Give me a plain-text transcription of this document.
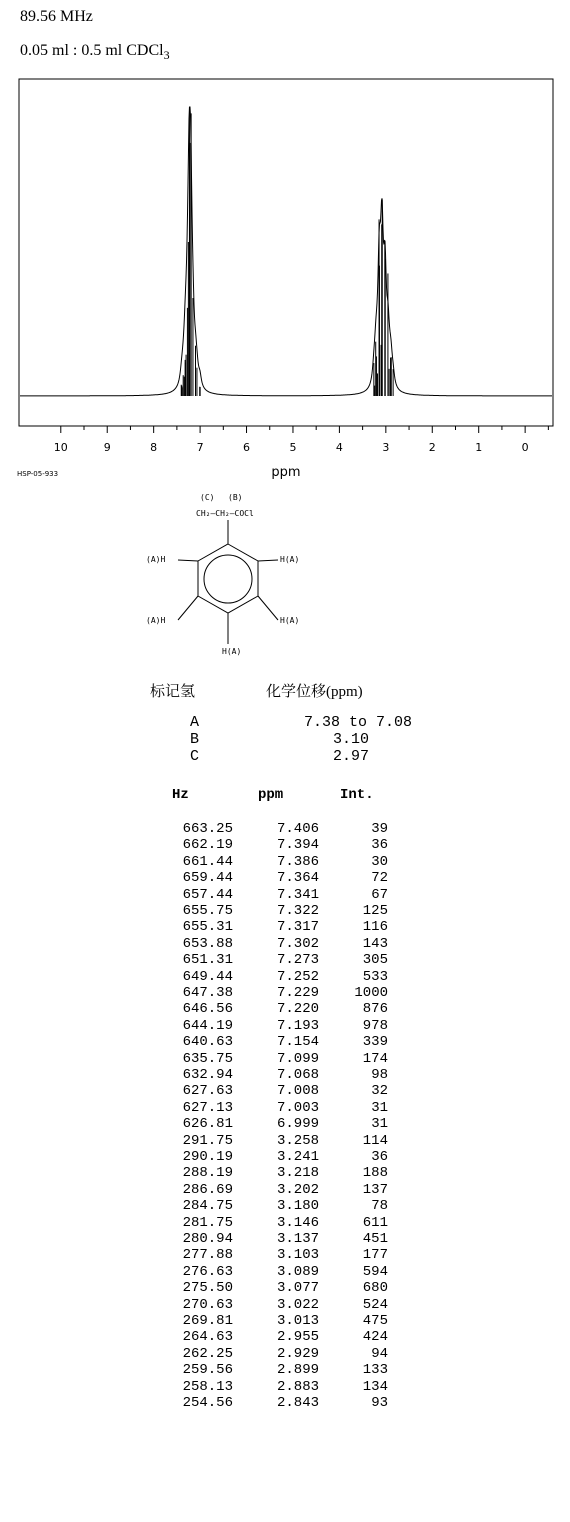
89.56 MHz
0.05 ml : 0.5 ml CDCl$_3$
10	9	8	7	6	5	4	3	2	1	0
ppm
HSP-05-933
(C) (B)
CH₂—CH₂—COCl
(A)H	H(A)
(A)H	H(A)
H(A)
标记氢	化学位移(ppm)
A	7.38 to 7.08
B	3.10
C	2.97
Hz	ppm	Int.
663.25	7.406	39
662.19	7.394	36
661.44	7.386	30
659.44	7.364	72
657.44	7.341	67
655.75	7.322	125
655.31	7.317	116
653.88	7.302	143
651.31	7.273	305
649.44	7.252	533
647.38	7.229	1000
646.56	7.220	876
644.19	7.193	978
640.63	7.154	339
635.75	7.099	174
632.94	7.068	98
627.63	7.008	32
627.13	7.003	31
626.81	6.999	31
291.75	3.258	114
290.19	3.241	36
288.19	3.218	188
286.69	3.202	137
284.75	3.180	78
281.75	3.146	611
280.94	3.137	451
277.88	3.103	177
276.63	3.089	594
275.50	3.077	680
270.63	3.022	524
269.81	3.013	475
264.63	2.955	424
262.25	2.929	94
259.56	2.899	133
258.13	2.883	134
254.56	2.843	93
